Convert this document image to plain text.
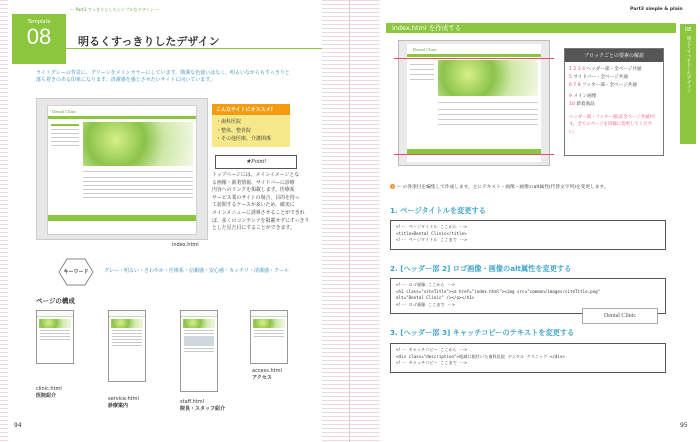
～ Part3 すっきりとしたシンプルなデザイン ～
Template
08	明るくすっきりしたデザイン
ライトグレーの背景に、グリーンをメインカラーにしています。簡潔な色使いはなく、明るいながらもすっきりと
落ち着きのある印象になります。清潔感を感じさせたいサイトに向いています。
Dental Clinic
index.html
こんなサイトにオススメ!
・歯科医院
・整体、整骨院
・その他医療、介護関係
★Point!
トップページには、メインイメージとな
る画像・新着情報、サイドバーに診療
内容へのリンクを掲載します。医療系
サービス業のサイトの場合、目的を持っ
て訪問するケースが多いため、確実に
メインメニューに誘導させることができれ
ば、多くのコンテンツを掲載せずにすっきり
とした見た目にすることができます。
キーワード	グレー・明るい・さわやか・医療系・信頼感・安心感・カッチリ・清潔感・クール
ページの構成
clinic.html
医院紹介
service.html
診療案内
staff.html
院長・スタッフ紹介
access.html
アクセス
94
Part3 simple & plain
08
明るくすっきりしたデザイン
index.html を作成する
Dental Clinic
ブロックごとの要素の解説
1 2 3 4 ヘッダー部 - 全ページ共通
5 サイドバー - 全ページ共通
6 7 8 フッター部 - 全ページ共通
9 メイン画像
10 新着商品
ヘッダー部・フッター部は[全ページ共通]です。全てのページを同様に変更してください。
1 ～ の各項目を編集して作成します。主にテキスト・画像・画像のalt属性(代替文字列)を変更します。
1. ページタイトルを変更する
<!-- ページタイトル ここから -->
<title>Dental Clinic</title>
<!-- ページタイトル ここまで -->
2. [ヘッダー部 2] ロゴ画像・画像のalt属性を変更する
<!-- ロゴ画像 ここから -->
<h1 class="siteTitle"><a href="index.html"><img src="common/images/siteTitle.png"
alt="Dental Clinic" /></a></h1>
<!-- ロゴ画像 ここまで -->
Dental Clinic
3. [ヘッダー部 3] キャッチコピーのテキストを変更する
<!-- キャッチコピー ここから -->
<div class="description">地域に根付いた歯科医院 デンタル クリニック </div>
<!-- キャッチコピー ここまで -->
95
